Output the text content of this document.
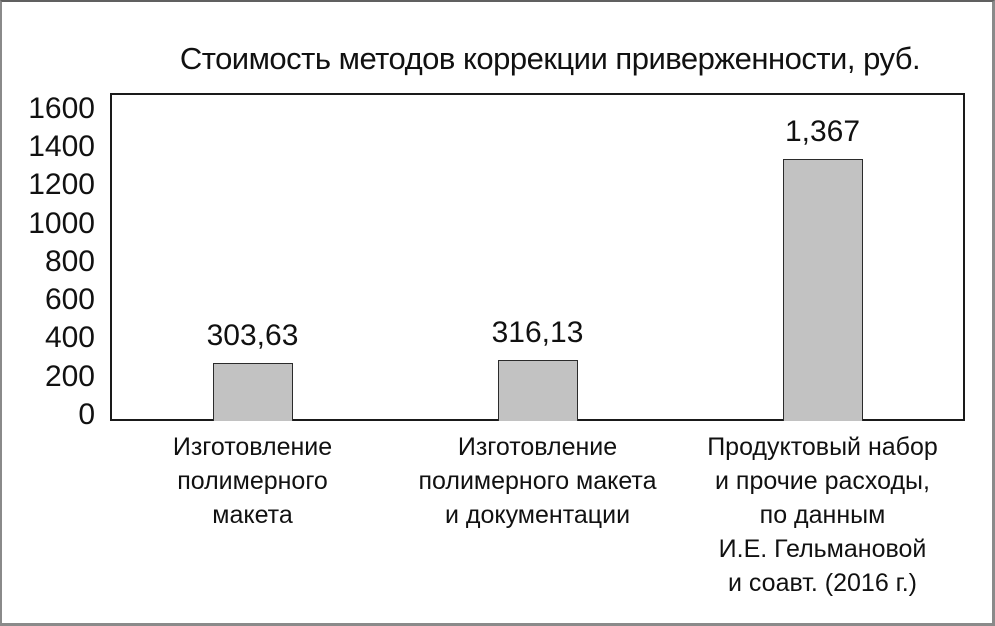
Стоимость методов коррекции приверженности, руб.
0
200
400
600
800
1000
1200
1400
1600
303,63	316,13
1,367
Изготовление
полимерного
макета
Изготовление
полимерного макета
и документации
Продуктовый набор
и прочие расходы,
по данным
И.Е. Гельмановой
и соавт. (2016 г.)
